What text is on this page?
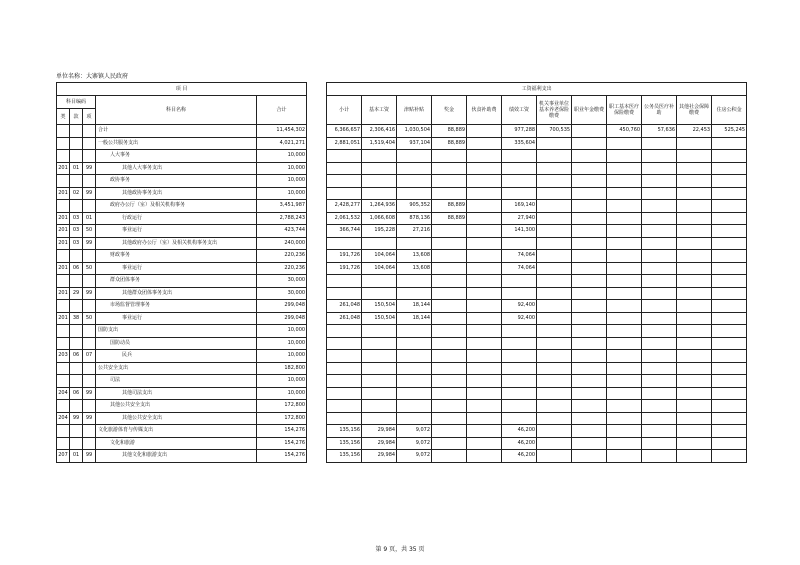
单位名称：大寨镇人民政府
项 目						工资福利支出											
科目编码			科目名称	合计		小计	基本工资	津贴补贴	奖金	伙食补助费	绩效工资	机关事业单位基本养老保险缴费	职业年金缴费	职工基本医疗保险缴费	公务员医疗补助	其他社会保障缴费	住房公积金
类	款	项															
			合计	11,454,302		6,366,657	2,306,416	1,030,504	88,889		977,288	700,535		450,760	57,636	22,453	525,245
			一般公共服务支出	4,021,271		2,881,051	1,519,404	937,104	88,889		335,604						
			人大事务	10,000													
201	01	99	其他人大事务支出	10,000													
			政协事务	10,000													
201	02	99	其他政协事务支出	10,000													
			政府办公厅（室）及相关机构事务	3,451,987		2,428,277	1,264,936	905,352	88,889		169,140						
201	03	01	行政运行	2,788,243		2,061,532	1,066,608	878,136	88,889		27,940						
201	03	50	事业运行	423,744		366,744	195,228	27,216			141,300						
201	03	99	其他政府办公厅（室）及相关机构事务支出	240,000													
			财政事务	220,236		191,726	104,064	13,608			74,064						
201	06	50	事业运行	220,236		191,726	104,064	13,608			74,064						
			群众团体事务	30,000													
201	29	99	其他群众团体事务支出	30,000													
			市场监督管理事务	299,048		261,048	150,504	18,144			92,400						
201	38	50	事业运行	299,048		261,048	150,504	18,144			92,400						
			国防支出	10,000													
			国防动员	10,000													
203	06	07	民兵	10,000													
			公共安全支出	182,800													
			司法	10,000													
204	06	99	其他司法支出	10,000													
			其他公共安全支出	172,800													
204	99	99	其他公共安全支出	172,800													
			文化旅游体育与传媒支出	154,276		135,156	29,984	9,072			46,200						
			文化和旅游	154,276		135,156	29,984	9,072			46,200						
207	01	99	其他文化和旅游支出	154,276		135,156	29,984	9,072			46,200						
第 9 页，共 35 页
